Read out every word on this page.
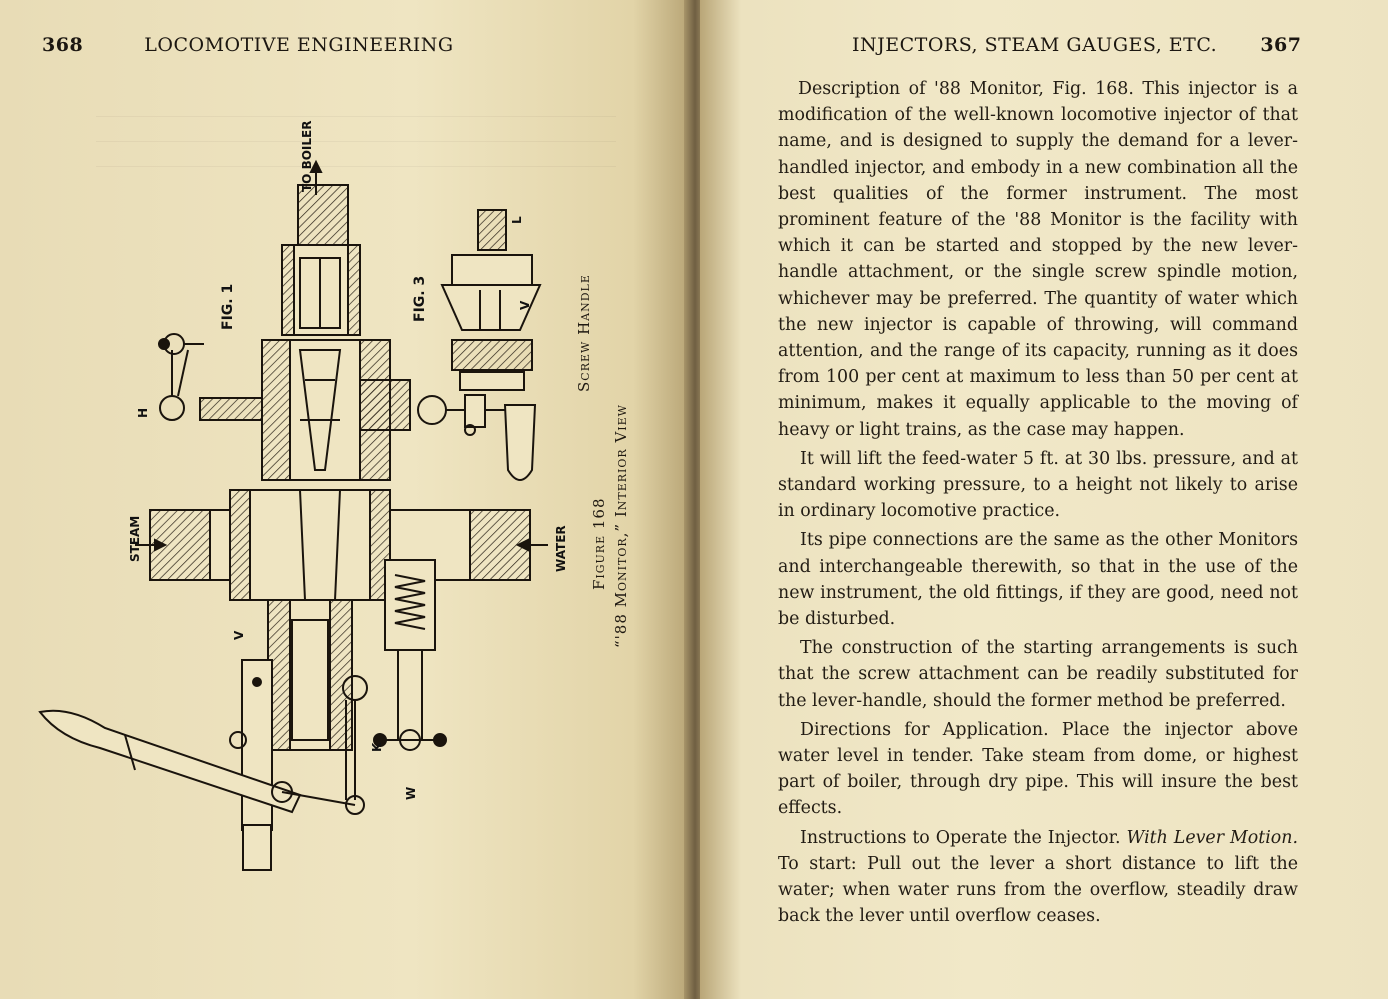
368	LOCOMOTIVE ENGINEERING
TO BOILER
FIG. 1	FIG. 3
STEAM	WATER
H
V
K
W
V
L
Screw Handle
Figure 168 “'88 Monitor,” Interior View
INJECTORS, STEAM GAUGES, ETC. 367

Description of '88 Monitor, Fig. 168. This injector is a modification of the well-known locomotive injector of that name, and is designed to supply the demand for a lever-handled injector, and embody in a new combination all the best qualities of the former instrument. The most prominent feature of the '88 Monitor is the facility with which it can be started and stopped by the new lever-handle attachment, or the single screw spindle motion, whichever may be preferred. The quantity of water which the new injector is capable of throwing, will command attention, and the range of its capacity, running as it does from 100 per cent at maximum to less than 50 per cent at minimum, makes it equally applicable to the moving of heavy or light trains, as the case may happen.

It will lift the feed-water 5 ft. at 30 lbs. pressure, and at standard working pressure, to a height not likely to arise in ordinary locomotive practice.

Its pipe connections are the same as the other Monitors and interchangeable therewith, so that in the use of the new instrument, the old fittings, if they are good, need not be disturbed.

The construction of the starting arrangements is such that the screw attachment can be readily substituted for the lever-handle, should the former method be preferred.

Directions for Application. Place the injector above water level in tender. Take steam from dome, or highest part of boiler, through dry pipe. This will insure the best effects.

Instructions to Operate the Injector. With Lever Motion. To start: Pull out the lever a short distance to lift the water; when water runs from the overflow, steadily draw back the lever until overflow ceases.
